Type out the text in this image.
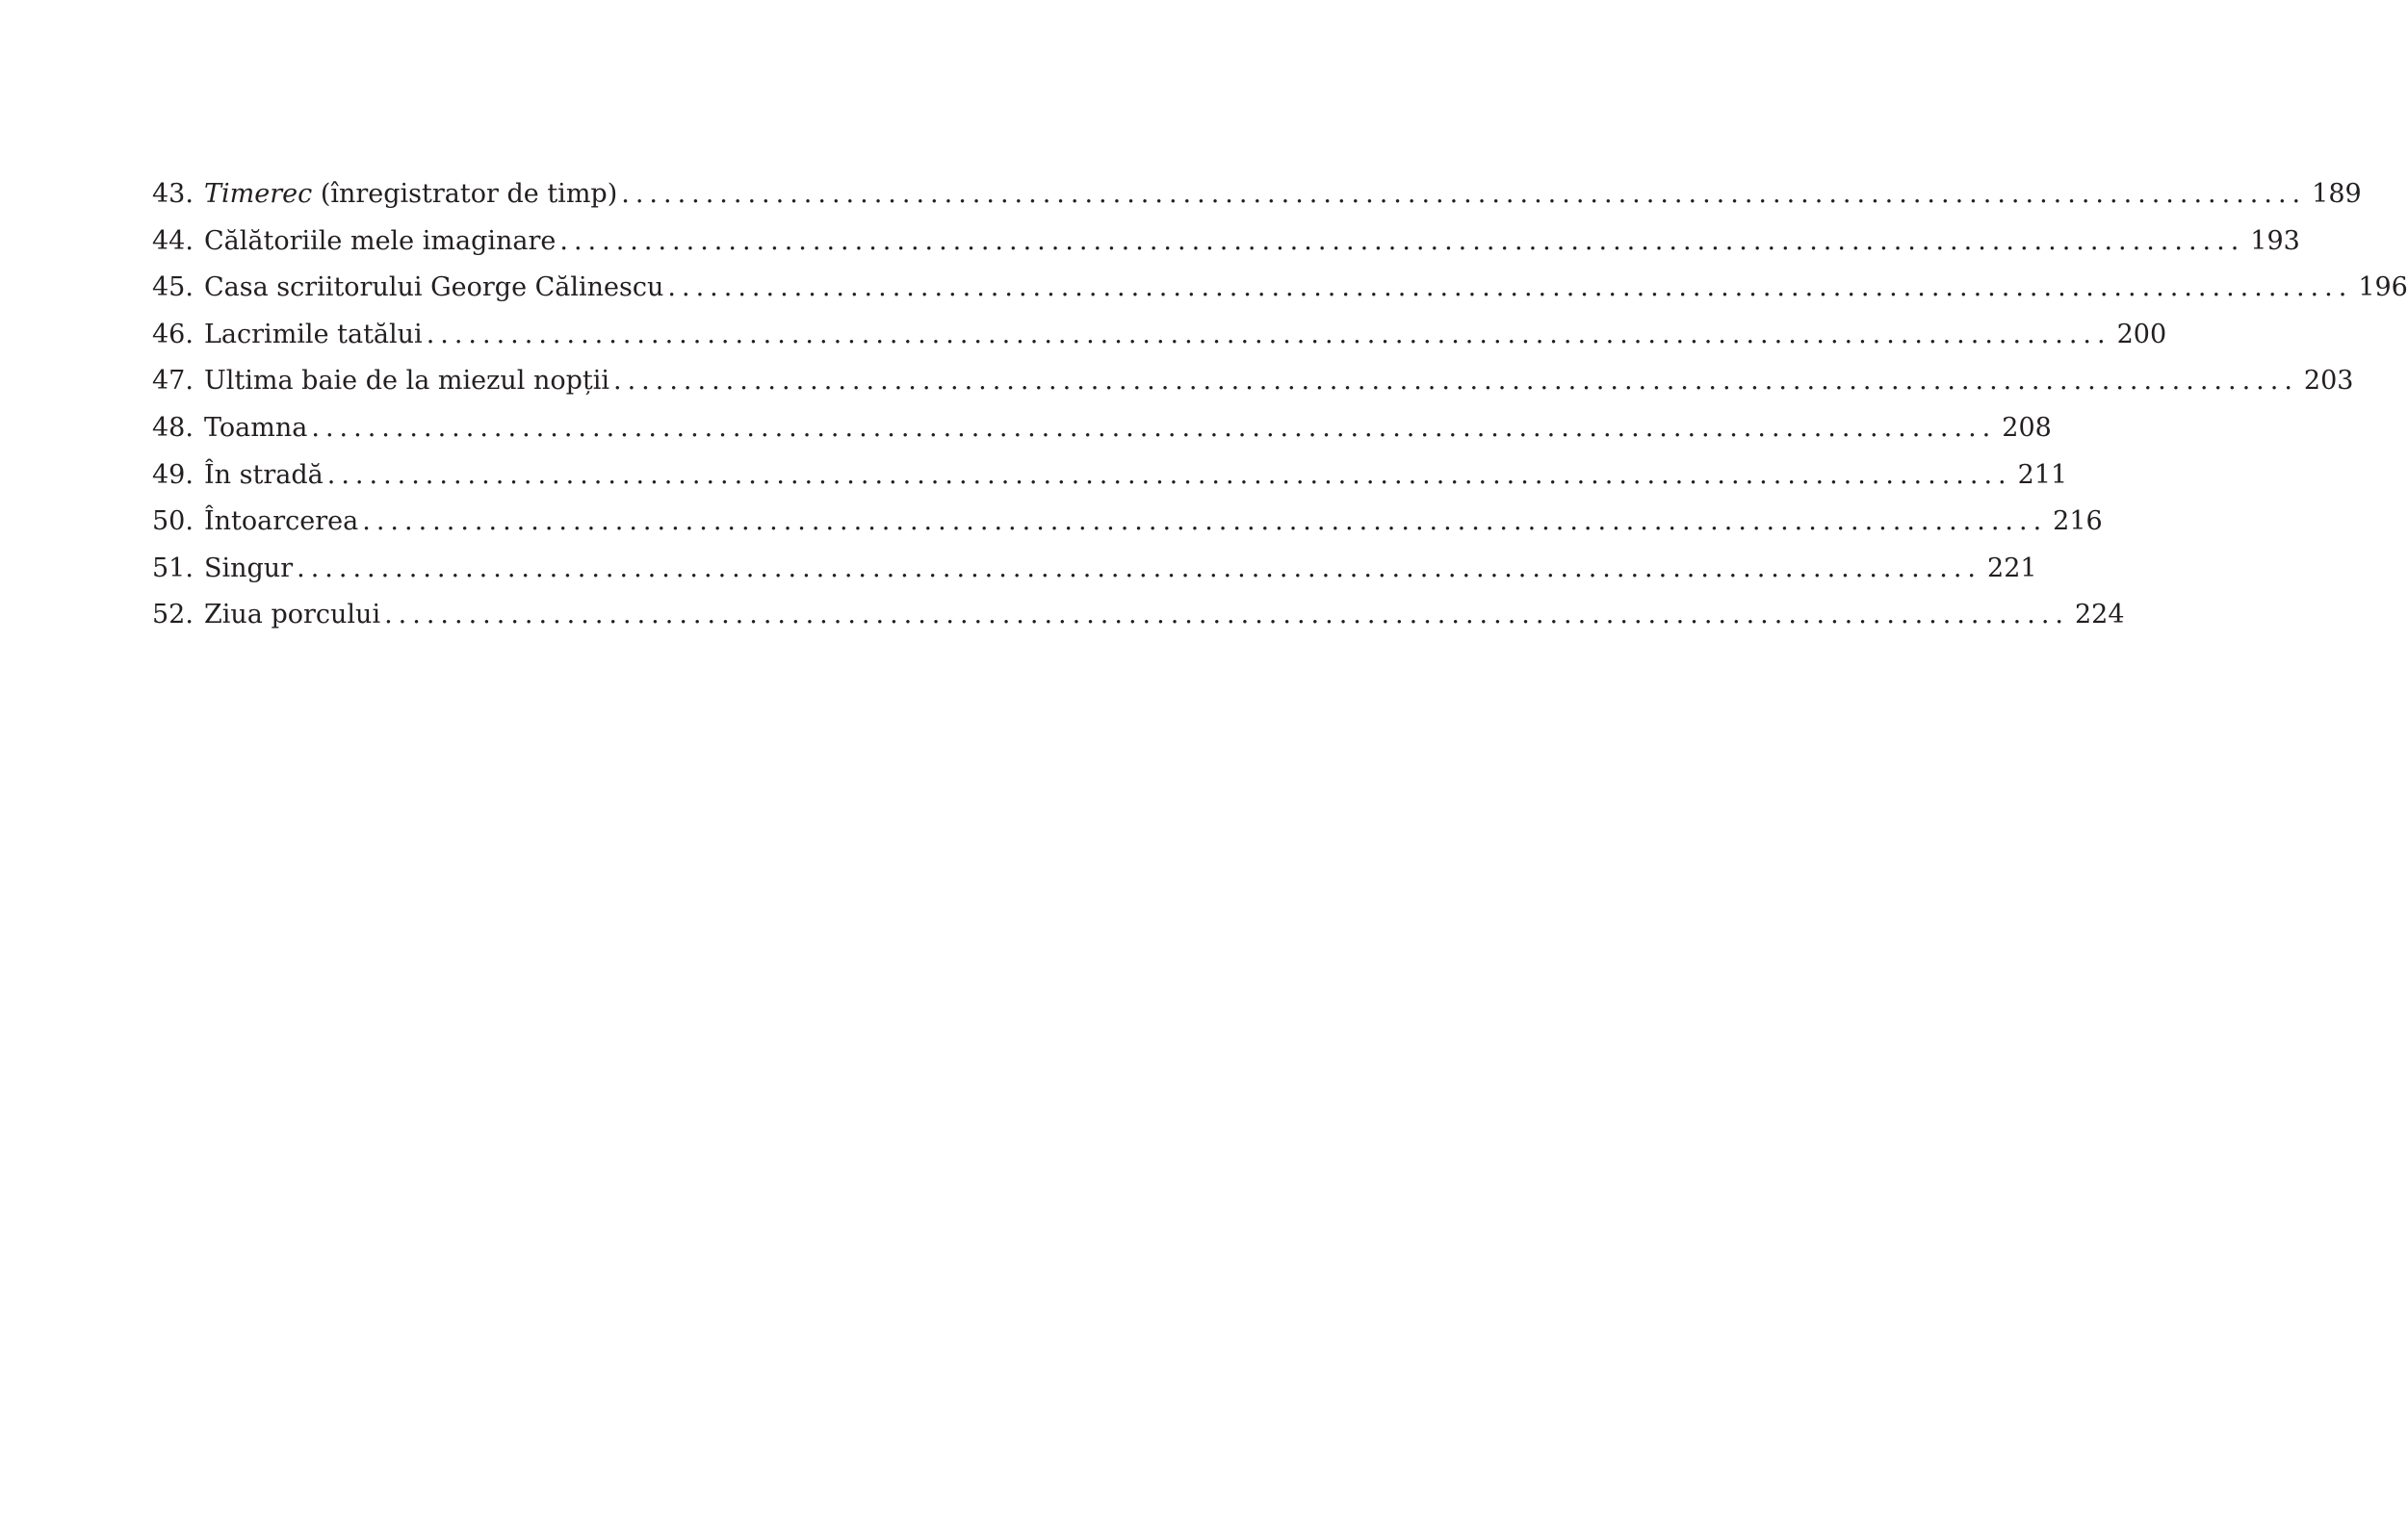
43. Timerec (înregistrator de timp) ........................................................................................................................ 189
44. Călătoriile mele imaginare ........................................................................................................................ 193
45. Casa scriitorului George Călinescu ........................................................................................................................ 196
46. Lacrimile tatălui ........................................................................................................................ 200
47. Ultima baie de la miezul nopții ........................................................................................................................ 203
48. Toamna ........................................................................................................................ 208
49. În stradă ........................................................................................................................ 211
50. Întoarcerea ........................................................................................................................ 216
51. Singur ........................................................................................................................ 221
52. Ziua porcului ........................................................................................................................ 224
